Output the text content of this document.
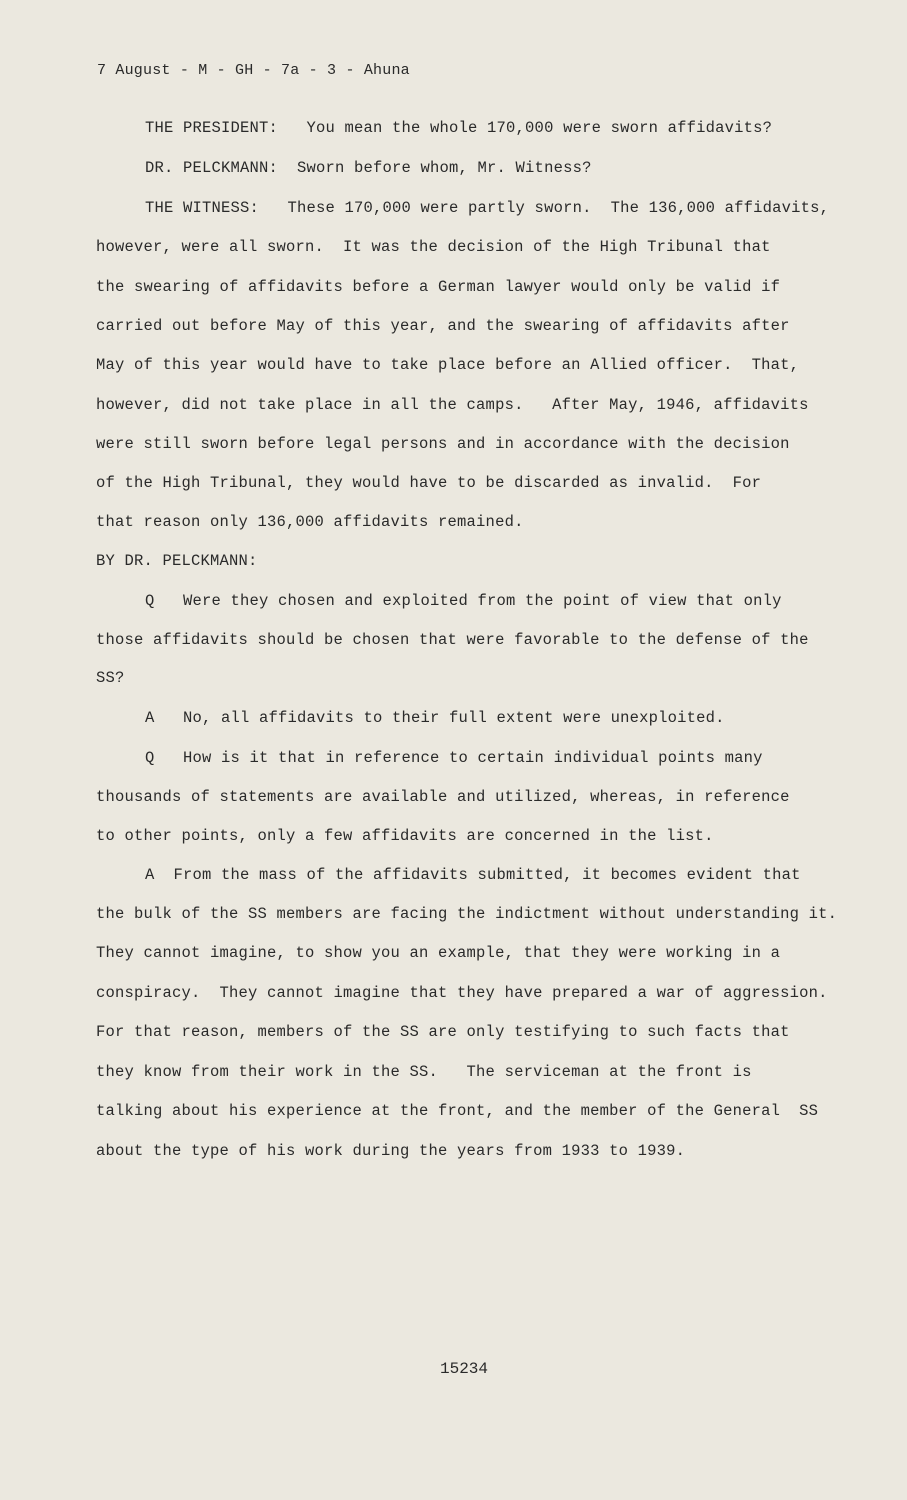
7 August - M - GH - 7a - 3 - Ahuna
THE PRESIDENT:   You mean the whole 170,000 were sworn affidavits?
DR. PELCKMANN:  Sworn before whom, Mr. Witness?
THE WITNESS:   These 170,000 were partly sworn.  The 136,000 affidavits,
however, were all sworn.  It was the decision of the High Tribunal that
the swearing of affidavits before a German lawyer would only be valid if
carried out before May of this year, and the swearing of affidavits after
May of this year would have to take place before an Allied officer.  That,
however, did not take place in all the camps.   After May, 1946, affidavits
were still sworn before legal persons and in accordance with the decision
of the High Tribunal, they would have to be discarded as invalid.  For
that reason only 136,000 affidavits remained.
BY DR. PELCKMANN:
Q   Were they chosen and exploited from the point of view that only
those affidavits should be chosen that were favorable to the defense of the
SS?
A   No, all affidavits to their full extent were unexploited.
Q   How is it that in reference to certain individual points many
thousands of statements are available and utilized, whereas, in reference
to other points, only a few affidavits are concerned in the list.
A  From the mass of the affidavits submitted, it becomes evident that
the bulk of the SS members are facing the indictment without understanding it.
They cannot imagine, to show you an example, that they were working in a
conspiracy.  They cannot imagine that they have prepared a war of aggression.
For that reason, members of the SS are only testifying to such facts that
they know from their work in the SS.   The serviceman at the front is
talking about his experience at the front, and the member of the General  SS
about the type of his work during the years from 1933 to 1939.
15234
